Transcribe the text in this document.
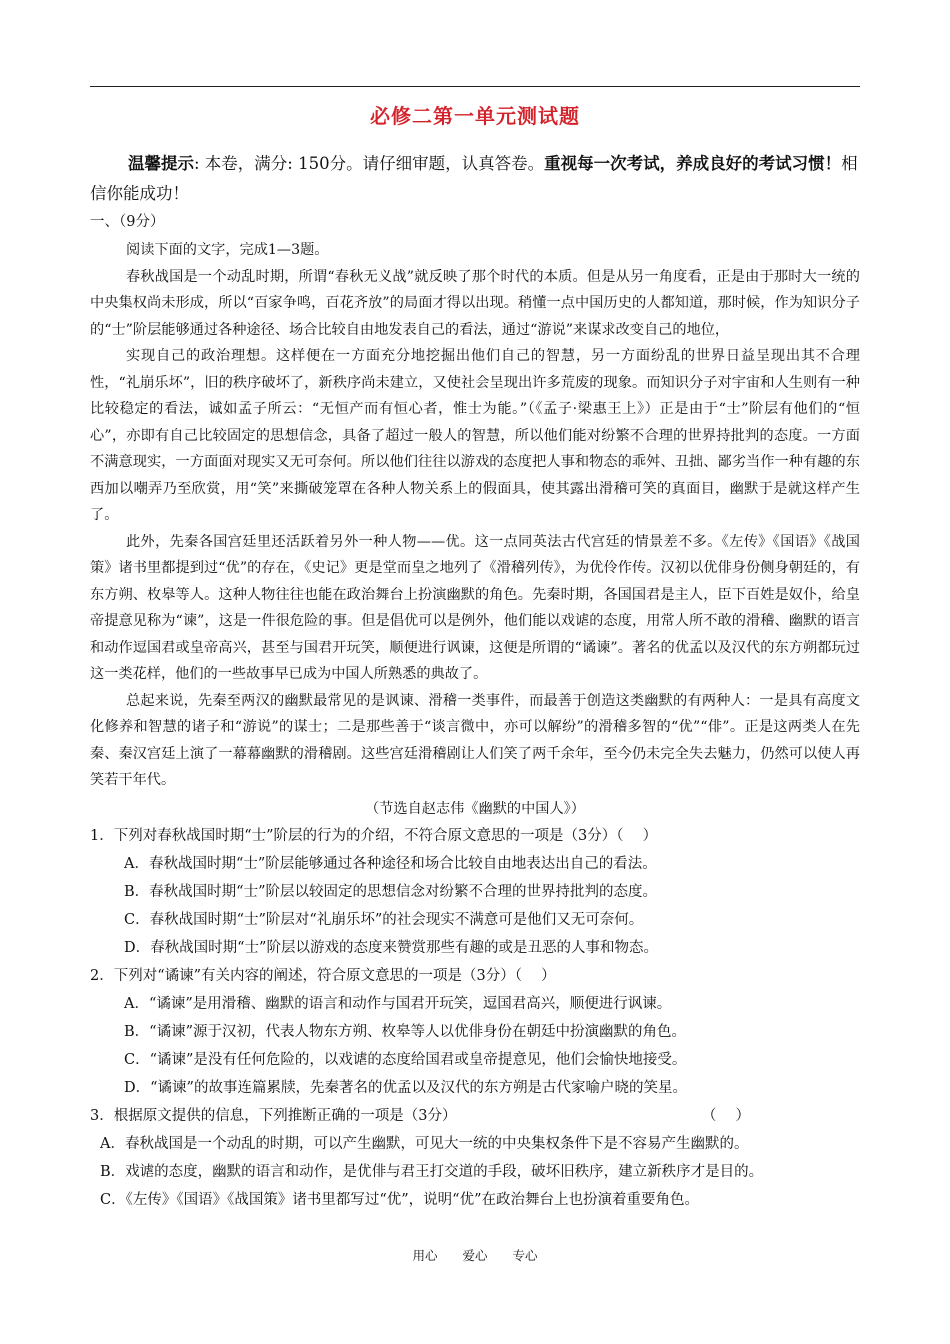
必修二第一单元测试题

温馨提示: 本卷，满分: 150分。请仔细审题，认真答卷。重视每一次考试，养成良好的考试习惯！相信你能成功！

一、（9分）

阅读下面的文字，完成1—3题。

春秋战国是一个动乱时期，所谓“春秋无义战”就反映了那个时代的本质。但是从另一角度看，正是由于那时大一统的中央集权尚未形成，所以“百家争鸣，百花齐放”的局面才得以出现。稍懂一点中国历史的人都知道，那时候，作为知识分子的“士”阶层能够通过各种途径、场合比较自由地发表自己的看法，通过“游说”来谋求改变自己的地位，

实现自己的政治理想。这样便在一方面充分地挖掘出他们自己的智慧，另一方面纷乱的世界日益呈现出其不合理性，“礼崩乐坏”，旧的秩序破坏了，新秩序尚未建立，又使社会呈现出许多荒废的现象。而知识分子对宇宙和人生则有一种比较稳定的看法，诚如孟子所云：“无恒产而有恒心者，惟士为能。”（《孟子·梁惠王上》）正是由于“士”阶层有他们的“恒心”，亦即有自己比较固定的思想信念，具备了超过一般人的智慧，所以他们能对纷繁不合理的世界持批判的态度。一方面不满意现实，一方面面对现实又无可奈何。所以他们往往以游戏的态度把人事和物态的乖舛、丑拙、鄙劣当作一种有趣的东西加以嘲弄乃至欣赏，用“笑”来撕破笼罩在各种人物关系上的假面具，使其露出滑稽可笑的真面目，幽默于是就这样产生了。

此外，先秦各国宫廷里还活跃着另外一种人物——优。这一点同英法古代宫廷的情景差不多。《左传》《国语》《战国策》诸书里都提到过“优”的存在，《史记》更是堂而皇之地列了《滑稽列传》，为优伶作传。汉初以优俳身份侧身朝廷的，有东方朔、枚皋等人。这种人物往往也能在政治舞台上扮演幽默的角色。先秦时期，各国国君是主人，臣下百姓是奴仆，给皇帝提意见称为“谏”，这是一件很危险的事。但是倡优可以是例外，他们能以戏谑的态度，用常人所不敢的滑稽、幽默的语言和动作逗国君或皇帝高兴，甚至与国君开玩笑，顺便进行讽谏，这便是所谓的“谲谏”。著名的优孟以及汉代的东方朔都玩过这一类花样，他们的一些故事早已成为中国人所熟悉的典故了。

总起来说，先秦至两汉的幽默最常见的是讽谏、滑稽一类事件，而最善于创造这类幽默的有两种人：一是具有高度文化修养和智慧的诸子和“游说”的谋士；二是那些善于“谈言微中，亦可以解纷”的滑稽多智的“优”“俳”。正是这两类人在先秦、秦汉宫廷上演了一幕幕幽默的滑稽剧。这些宫廷滑稽剧让人们笑了两千余年，至今仍未完全失去魅力，仍然可以使人再笑若干年代。

（节选自赵志伟《幽默的中国人》）

1．下列对春秋战国时期“士”阶层的行为的介绍，不符合原文意思的一项是（3分）（　 ）

A．春秋战国时期“士”阶层能够通过各种途径和场合比较自由地表达出自己的看法。

B．春秋战国时期“士”阶层以较固定的思想信念对纷繁不合理的世界持批判的态度。

C．春秋战国时期“士”阶层对“礼崩乐坏”的社会现实不满意可是他们又无可奈何。

D．春秋战国时期“士”阶层以游戏的态度来赞赏那些有趣的或是丑恶的人事和物态。

2．下列对“谲谏”有关内容的阐述，符合原文意思的一项是（3分）（　 ）

A．“谲谏”是用滑稽、幽默的语言和动作与国君开玩笑，逗国君高兴，顺便进行讽谏。

B．“谲谏”源于汉初，代表人物东方朔、枚皋等人以优俳身份在朝廷中扮演幽默的角色。

C．“谲谏”是没有任何危险的，以戏谑的态度给国君或皇帝提意见，他们会愉快地接受。

D．“谲谏”的故事连篇累牍，先秦著名的优孟以及汉代的东方朔是古代家喻户晓的笑星。

3．根据原文提供的信息，下列推断正确的一项是（3分）	（　 ）

A．春秋战国是一个动乱的时期，可以产生幽默，可见大一统的中央集权条件下是不容易产生幽默的。

B．戏谑的态度，幽默的语言和动作，是优俳与君王打交道的手段，破坏旧秩序，建立新秩序才是目的。

C．《左传》《国语》《战国策》诸书里都写过“优”，说明“优”在政治舞台上也扮演着重要角色。

用心　　爱心　　专心
